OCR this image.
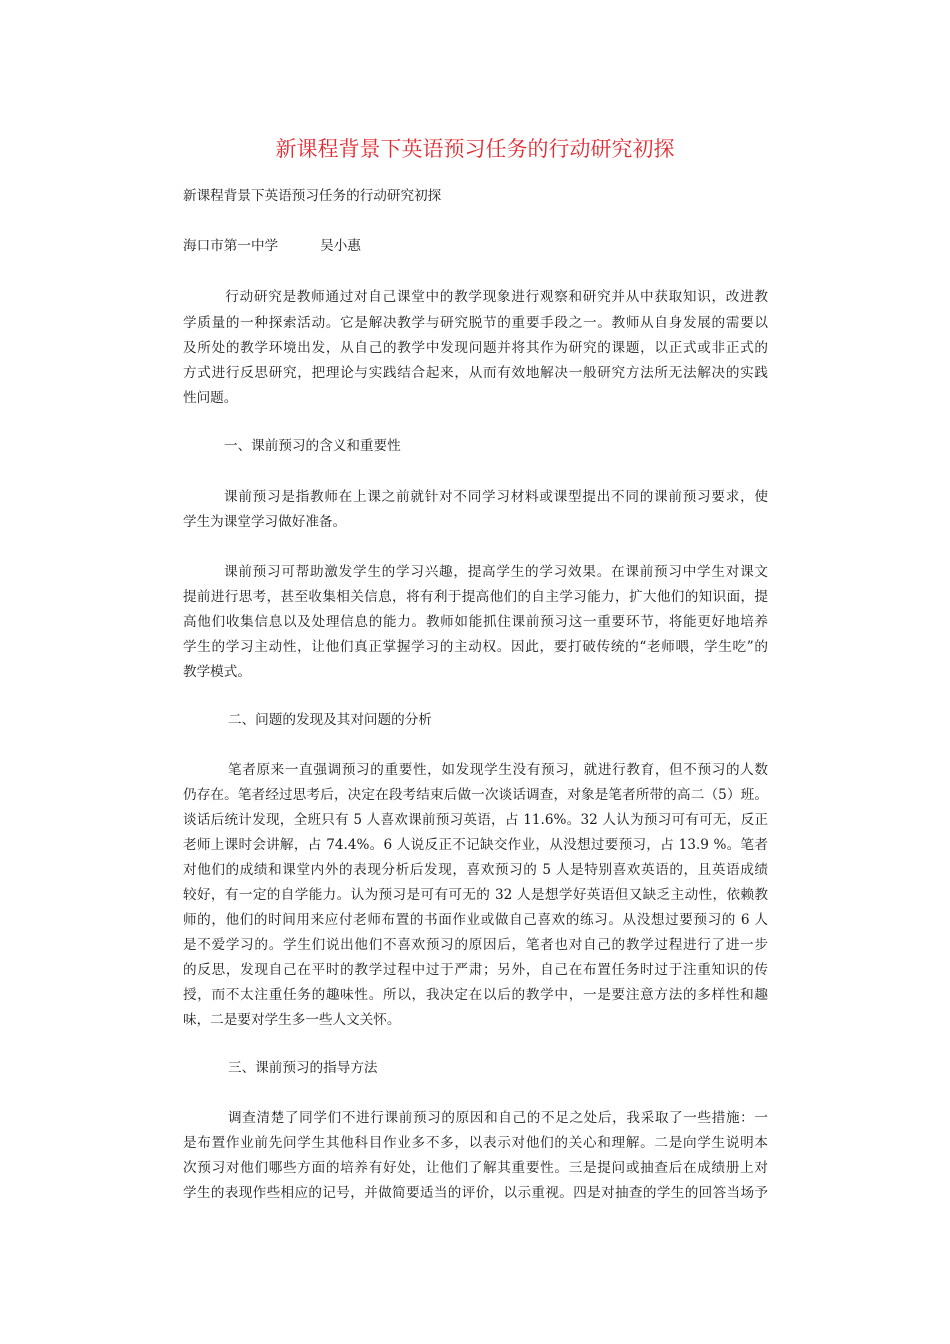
新课程背景下英语预习任务的行动研究初探
新课程背景下英语预习任务的行动研究初探
海口市第一中学	吴小惠
　行动研究是教师通过对自己课堂中的教学现象进行观察和研究并从中获取知识，改进教
学质量的一种探索活动。它是解决教学与研究脱节的重要手段之一。教师从自身发展的需要以
及所处的教学环境出发，从自己的教学中发现问题并将其作为研究的课题，以正式或非正式的
方式进行反思研究，把理论与实践结合起来，从而有效地解决一般研究方法所无法解决的实践
性问题。
一、课前预习的含义和重要性
课前预习是指教师在上课之前就针对不同学习材料或课型提出不同的课前预习要求，使
学生为课堂学习做好准备。
课前预习可帮助激发学生的学习兴趣，提高学生的学习效果。在课前预习中学生对课文
提前进行思考，甚至收集相关信息，将有利于提高他们的自主学习能力，扩大他们的知识面，提
高他们收集信息以及处理信息的能力。教师如能抓住课前预习这一重要环节，将能更好地培养
学生的学习主动性，让他们真正掌握学习的主动权。因此，要打破传统的“老师喂，学生吃”的
教学模式。
二、问题的发现及其对问题的分析
笔者原来一直强调预习的重要性，如发现学生没有预习，就进行教育，但不预习的人数
仍存在。笔者经过思考后，决定在段考结束后做一次谈话调查，对象是笔者所带的高二（5）班。
谈话后统计发现，全班只有 5 人喜欢课前预习英语，占 11.6%。32 人认为预习可有可无，反正
老师上课时会讲解，占 74.4%。6 人说反正不记缺交作业，从没想过要预习，占 13.9 %。笔者
对他们的成绩和课堂内外的表现分析后发现，喜欢预习的 5 人是特别喜欢英语的，且英语成绩
较好，有一定的自学能力。认为预习是可有可无的 32 人是想学好英语但又缺乏主动性，依赖教
师的，他们的时间用来应付老师布置的书面作业或做自己喜欢的练习。从没想过要预习的 6 人
是不爱学习的。学生们说出他们不喜欢预习的原因后，笔者也对自己的教学过程进行了进一步
的反思，发现自己在平时的教学过程中过于严肃；另外，自己在布置任务时过于注重知识的传
授，而不太注重任务的趣味性。所以，我决定在以后的教学中，一是要注意方法的多样性和趣
味，二是要对学生多一些人文关怀。
三、课前预习的指导方法
调查清楚了同学们不进行课前预习的原因和自己的不足之处后，我采取了一些措施：一
是布置作业前先问学生其他科目作业多不多，以表示对他们的关心和理解。二是向学生说明本
次预习对他们哪些方面的培养有好处，让他们了解其重要性。三是提问或抽查后在成绩册上对
学生的表现作些相应的记号，并做简要适当的评价，以示重视。四是对抽查的学生的回答当场予
